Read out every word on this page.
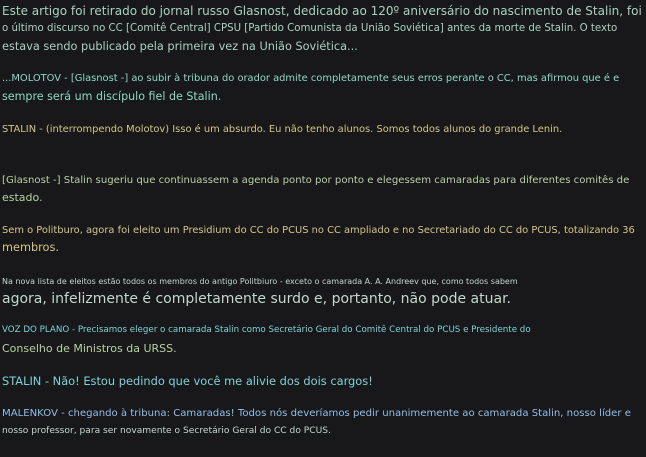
Este artigo foi retirado do jornal russo Glasnost, dedicado ao 120º aniversário do nascimento de Stalin, foi

o último discurso no CC [Comitê Central] CPSU [Partido Comunista da União Soviética] antes da morte de Stalin. O texto

estava sendo publicado pela primeira vez na União Soviética...

...MOLOTOV - [Glasnost -] ao subir à tribuna do orador admite completamente seus erros perante o CC, mas afirmou que é e

sempre será um discípulo fiel de Stalin.

STALIN - (interrompendo Molotov) Isso é um absurdo. Eu não tenho alunos. Somos todos alunos do grande Lenin.

[Glasnost -] Stalin sugeriu que continuassem a agenda ponto por ponto e elegessem camaradas para diferentes comitês de

estado.

Sem o Politburo, agora foi eleito um Presidium do CC do PCUS no CC ampliado e no Secretariado do CC do PCUS, totalizando 36

membros.

Na nova lista de eleitos estão todos os membros do antigo Politbiuro - exceto o camarada A. A. Andreev que, como todos sabem

agora, infelizmente é completamente surdo e, portanto, não pode atuar.

VOZ DO PLANO - Precisamos eleger o camarada Stalin como Secretário Geral do Comitê Central do PCUS e Presidente do

Conselho de Ministros da URSS.

STALIN - Não! Estou pedindo que você me alivie dos dois cargos!

MALENKOV - chegando à tribuna: Camaradas! Todos nós deveríamos pedir unanimemente ao camarada Stalin, nosso líder e

nosso professor, para ser novamente o Secretário Geral do CC do PCUS.
